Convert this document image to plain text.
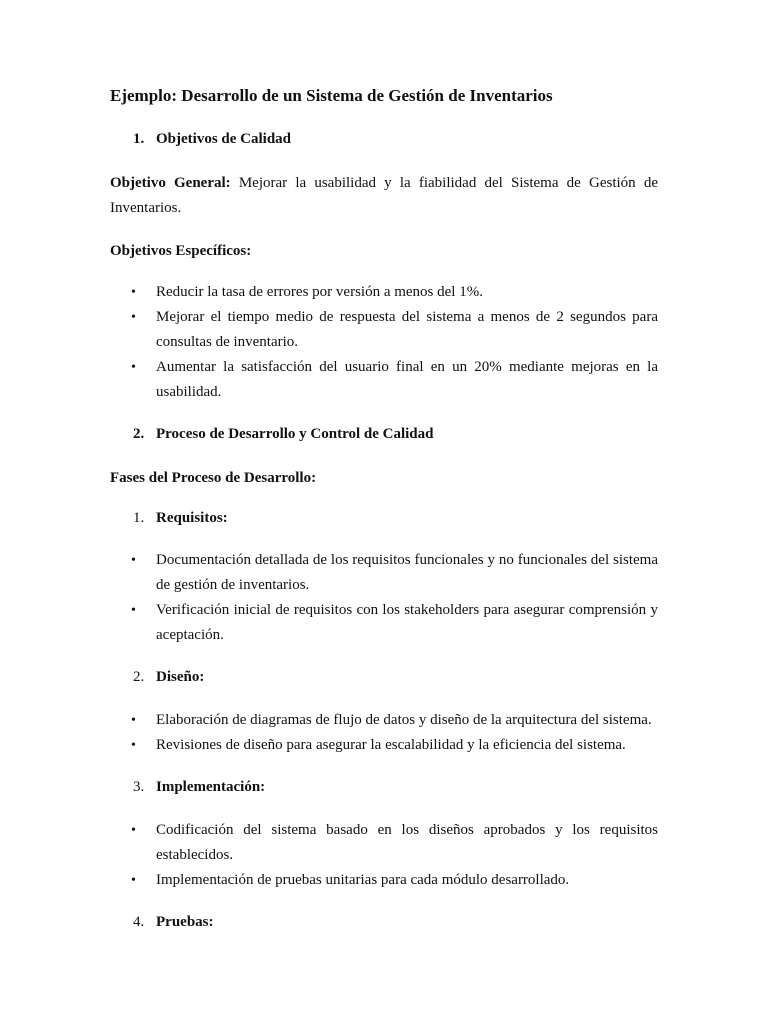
Ejemplo: Desarrollo de un Sistema de Gestión de Inventarios
1. Objetivos de Calidad
Objetivo General: Mejorar la usabilidad y la fiabilidad del Sistema de Gestión de Inventarios.
Objetivos Específicos:
•	Reducir la tasa de errores por versión a menos del 1%.
•	Mejorar el tiempo medio de respuesta del sistema a menos de 2 segundos para consultas de inventario.
•	Aumentar la satisfacción del usuario final en un 20% mediante mejoras en la usabilidad.
2. Proceso de Desarrollo y Control de Calidad
Fases del Proceso de Desarrollo:
1. Requisitos:
•	Documentación detallada de los requisitos funcionales y no funcionales del sistema de gestión de inventarios.
•	Verificación inicial de requisitos con los stakeholders para asegurar comprensión y aceptación.
2. Diseño:
•	Elaboración de diagramas de flujo de datos y diseño de la arquitectura del sistema.
•	Revisiones de diseño para asegurar la escalabilidad y la eficiencia del sistema.
3. Implementación:
•	Codificación del sistema basado en los diseños aprobados y los requisitos establecidos.
•	Implementación de pruebas unitarias para cada módulo desarrollado.
4. Pruebas:
